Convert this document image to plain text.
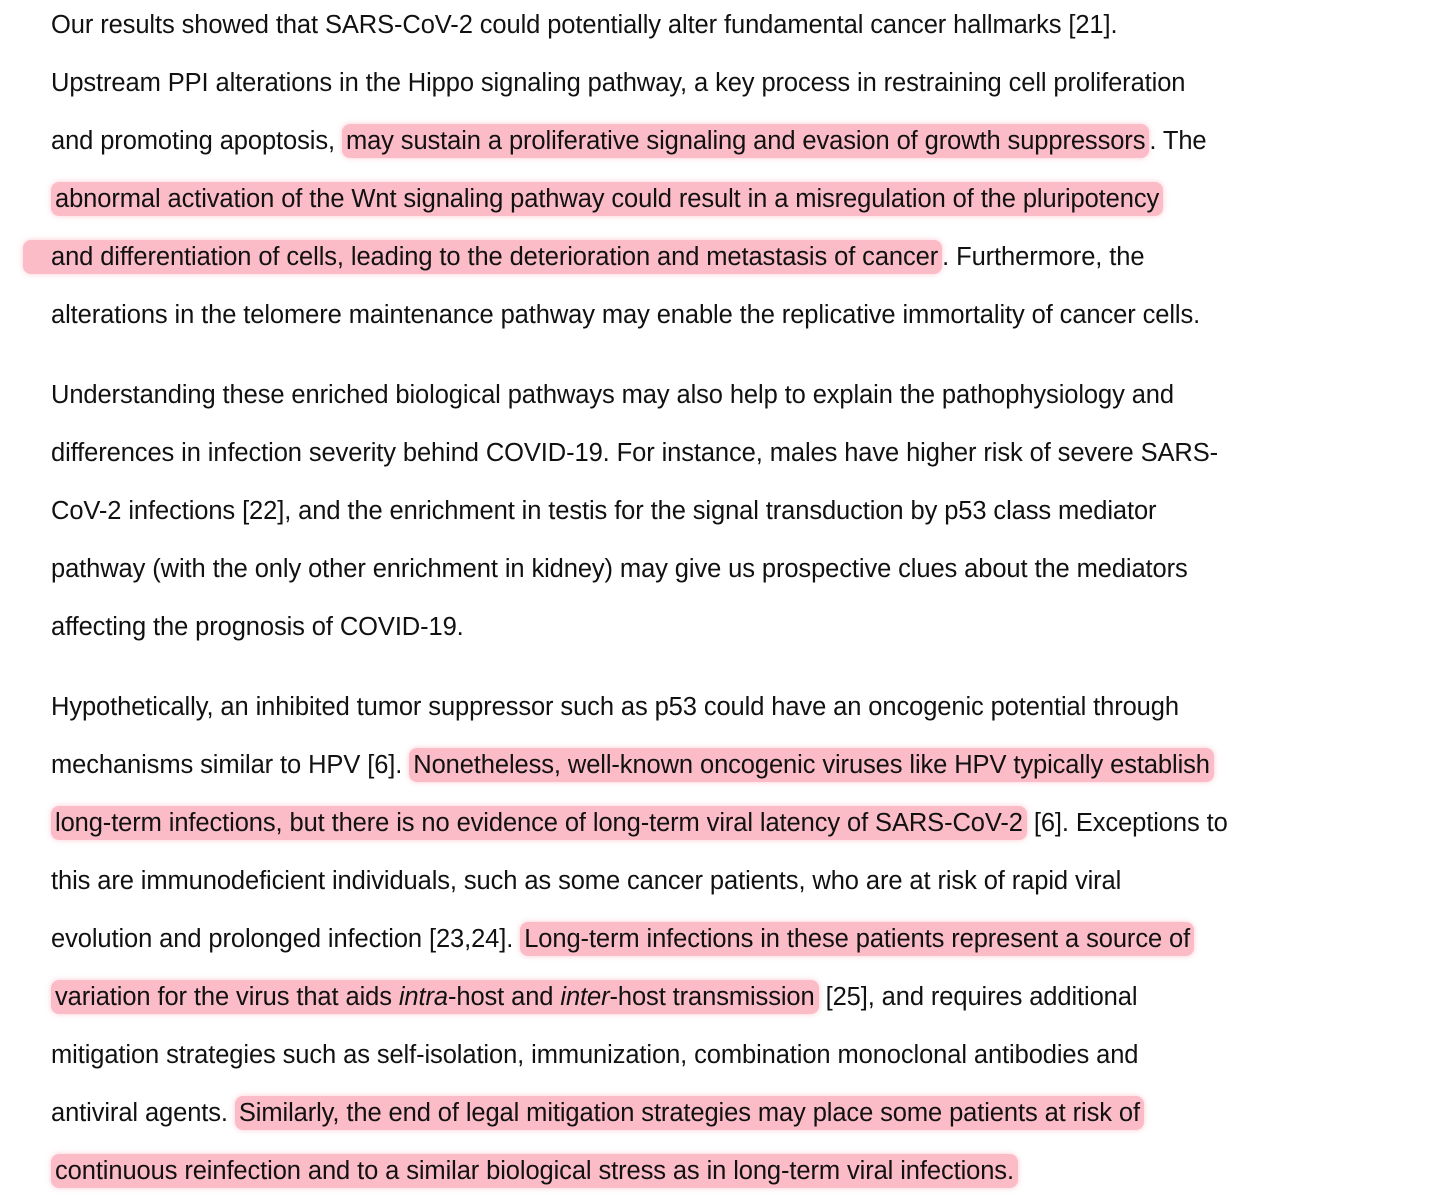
Our results showed that SARS-CoV-2 could potentially alter fundamental cancer hallmarks [21].
Upstream PPI alterations in the Hippo signaling pathway, a key process in restraining cell proliferation
and promoting apoptosis, may sustain a proliferative signaling and evasion of growth suppressors . The
abnormal activation of the Wnt signaling pathway could result in a misregulation of the pluripotency
and differentiation of cells, leading to the deterioration and metastasis of cancer . Furthermore, the
alterations in the telomere maintenance pathway may enable the replicative immortality of cancer cells.
Understanding these enriched biological pathways may also help to explain the pathophysiology and
differences in infection severity behind COVID-19. For instance, males have higher risk of severe SARS-
CoV-2 infections [22], and the enrichment in testis for the signal transduction by p53 class mediator
pathway (with the only other enrichment in kidney) may give us prospective clues about the mediators
affecting the prognosis of COVID-19.
Hypothetically, an inhibited tumor suppressor such as p53 could have an oncogenic potential through
mechanisms similar to HPV [6]. Nonetheless, well-known oncogenic viruses like HPV typically establish
long-term infections, but there is no evidence of long-term viral latency of SARS-CoV-2 [6]. Exceptions to
this are immunodeficient individuals, such as some cancer patients, who are at risk of rapid viral
evolution and prolonged infection [23,24]. Long-term infections in these patients represent a source of
variation for the virus that aids intra-host and inter-host transmission [25], and requires additional
mitigation strategies such as self-isolation, immunization, combination monoclonal antibodies and
antiviral agents. Similarly, the end of legal mitigation strategies may place some patients at risk of
continuous reinfection and to a similar biological stress as in long-term viral infections.
